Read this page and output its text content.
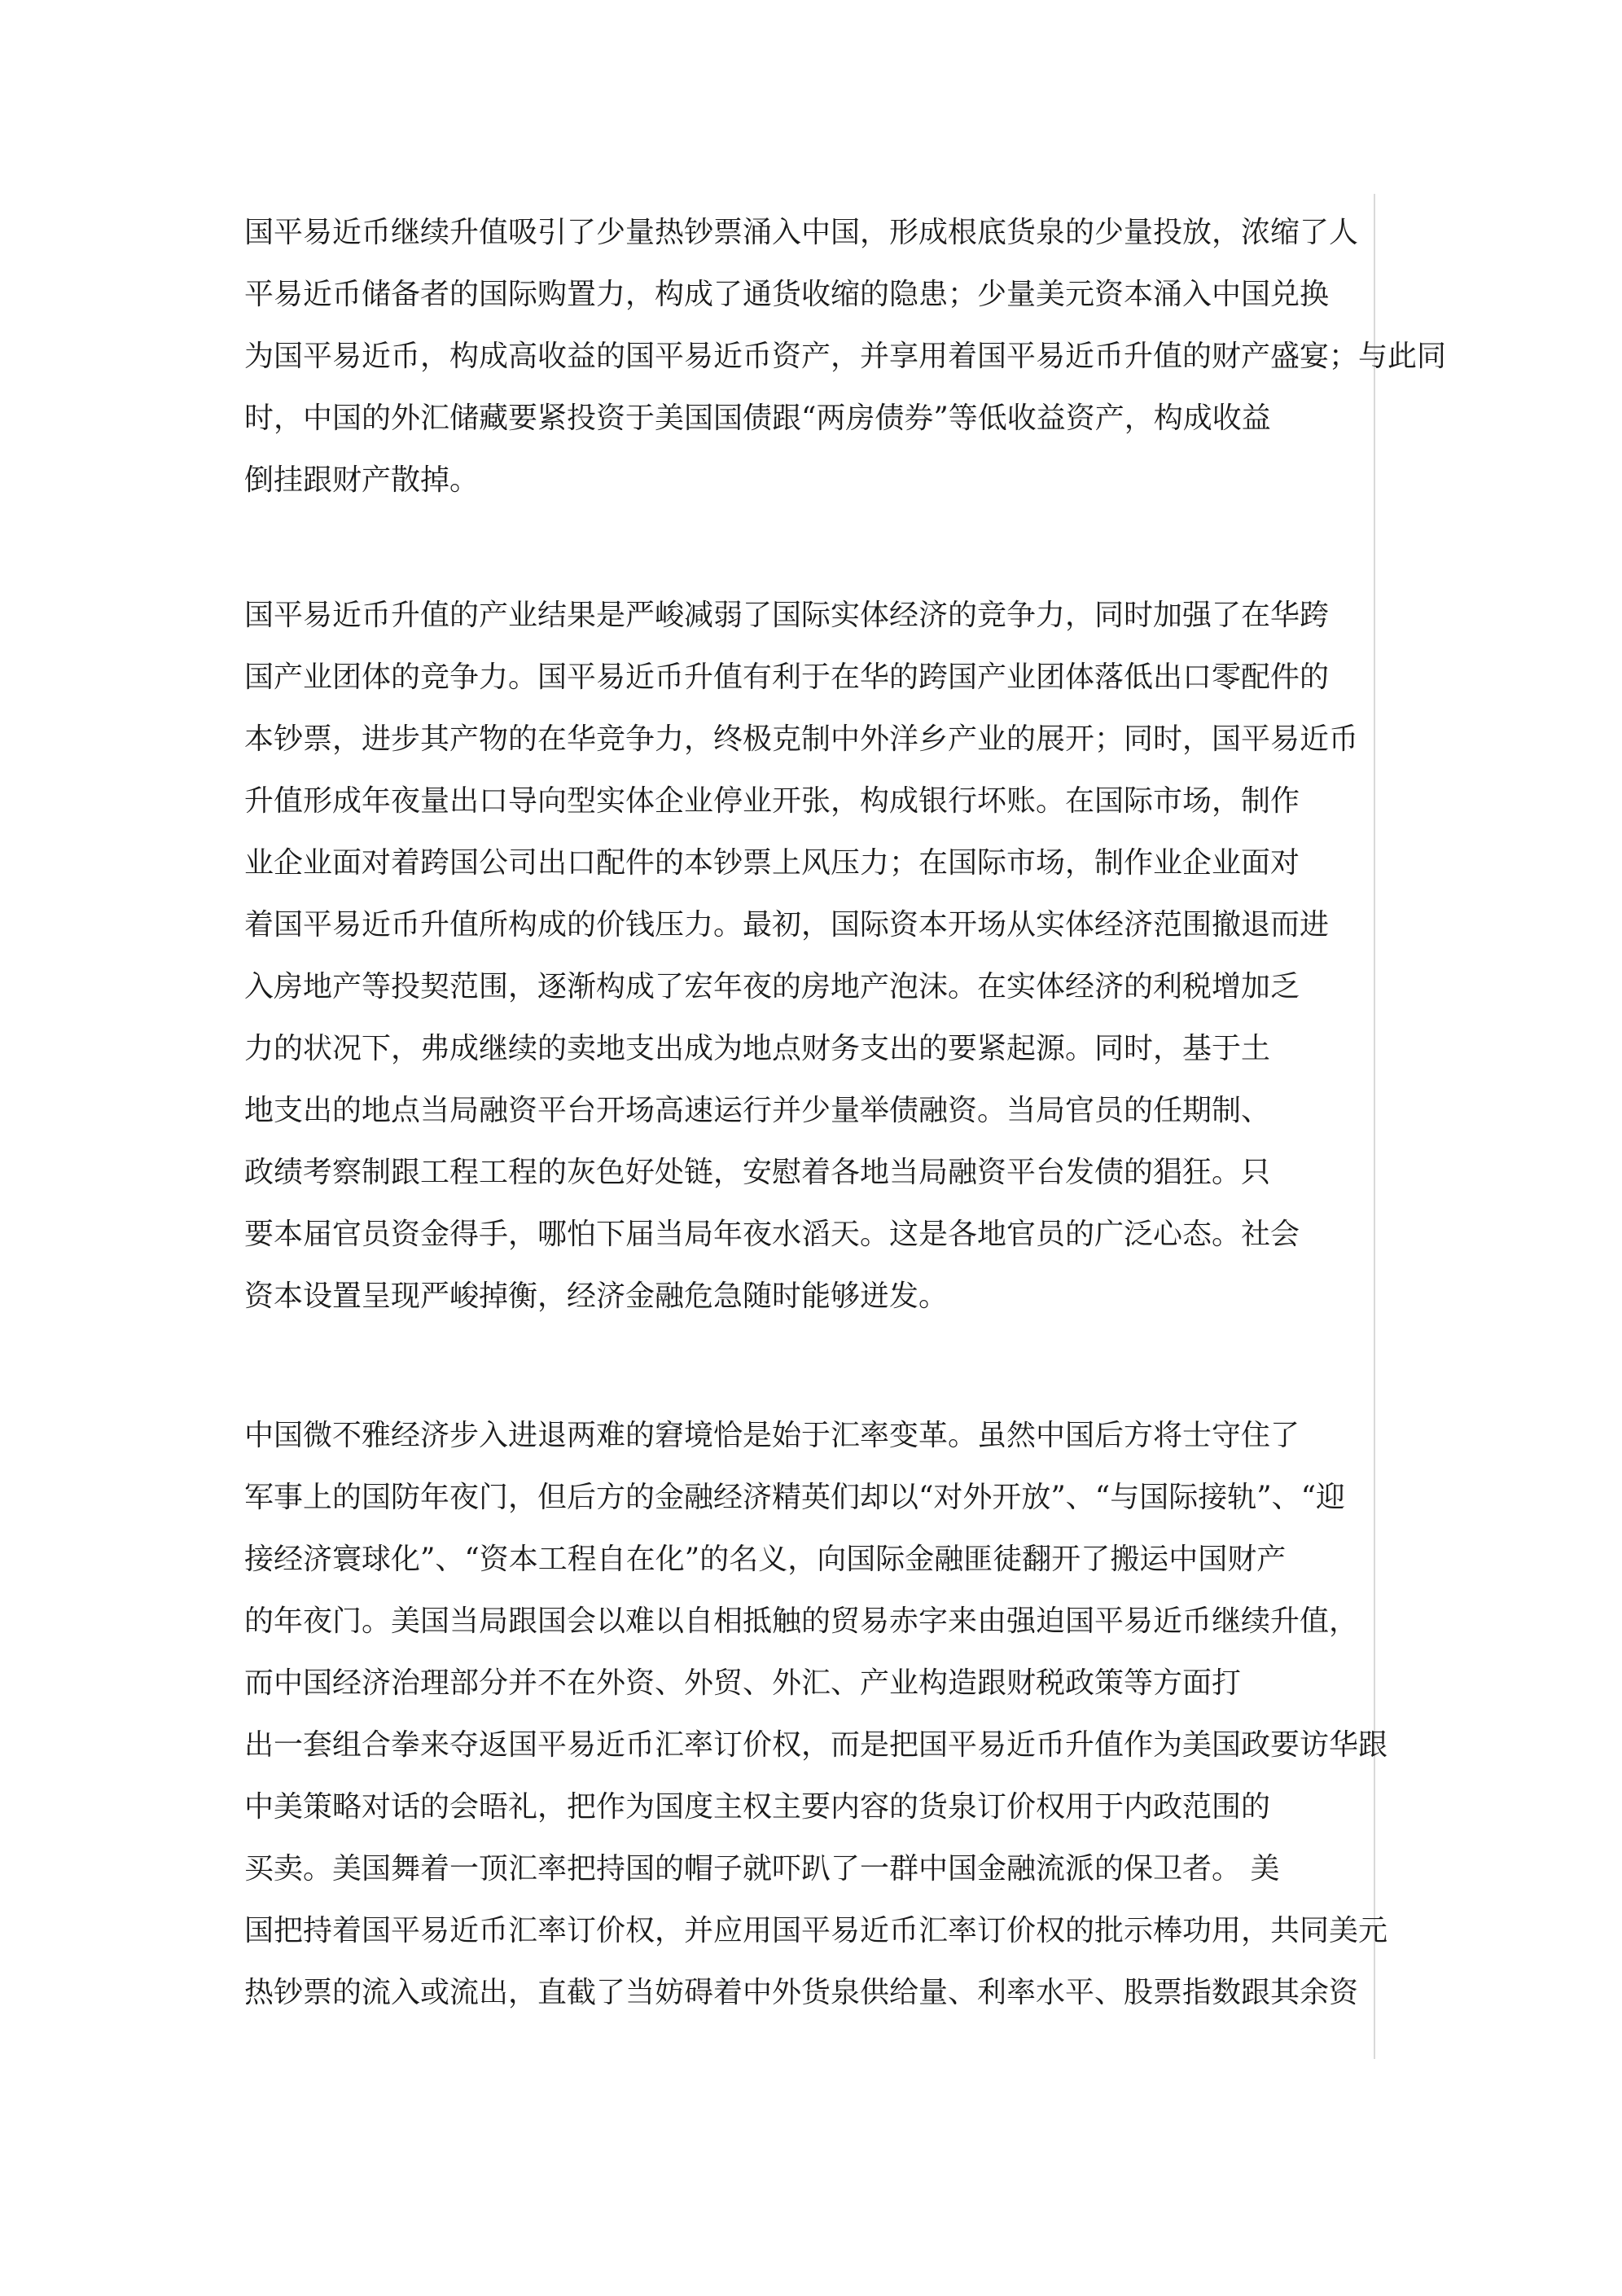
国平易近币继续升值吸引了少量热钞票涌入中国，形成根底货泉的少量投放，浓缩了人
平易近币储备者的国际购置力，构成了通货收缩的隐患；少量美元资本涌入中国兑换
为国平易近币，构成高收益的国平易近币资产，并享用着国平易近币升值的财产盛宴；与此同
时，中国的外汇储藏要紧投资于美国国债跟“两房债券”等低收益资产，构成收益
倒挂跟财产散掉。
国平易近币升值的产业结果是严峻减弱了国际实体经济的竞争力，同时加强了在华跨
国产业团体的竞争力。国平易近币升值有利于在华的跨国产业团体落低出口零配件的
本钞票，进步其产物的在华竞争力，终极克制中外洋乡产业的展开；同时，国平易近币
升值形成年夜量出口导向型实体企业停业开张，构成银行坏账。在国际市场，制作
业企业面对着跨国公司出口配件的本钞票上风压力；在国际市场，制作业企业面对
着国平易近币升值所构成的价钱压力。最初，国际资本开场从实体经济范围撤退而进
入房地产等投契范围，逐渐构成了宏年夜的房地产泡沫。在实体经济的利税增加乏
力的状况下，弗成继续的卖地支出成为地点财务支出的要紧起源。同时，基于土
地支出的地点当局融资平台开场高速运行并少量举债融资。当局官员的任期制、
政绩考察制跟工程工程的灰色好处链，安慰着各地当局融资平台发债的猖狂。只
要本届官员资金得手，哪怕下届当局年夜水滔天。这是各地官员的广泛心态。社会
资本设置呈现严峻掉衡，经济金融危急随时能够迸发。
中国微不雅经济步入进退两难的窘境恰是始于汇率变革。虽然中国后方将士守住了
军事上的国防年夜门，但后方的金融经济精英们却以“对外开放”、“与国际接轨”、“迎
接经济寰球化”、“资本工程自在化”的名义，向国际金融匪徒翻开了搬运中国财产
的年夜门。美国当局跟国会以难以自相抵触的贸易赤字来由强迫国平易近币继续升值，
而中国经济治理部分并不在外资、外贸、外汇、产业构造跟财税政策等方面打
出一套组合拳来夺返国平易近币汇率订价权，而是把国平易近币升值作为美国政要访华跟
中美策略对话的会晤礼，把作为国度主权主要内容的货泉订价权用于内政范围的
买卖。美国舞着一顶汇率把持国的帽子就吓趴了一群中国金融流派的保卫者。 美
国把持着国平易近币汇率订价权，并应用国平易近币汇率订价权的批示棒功用，共同美元
热钞票的流入或流出，直截了当妨碍着中外货泉供给量、利率水平、股票指数跟其余资
